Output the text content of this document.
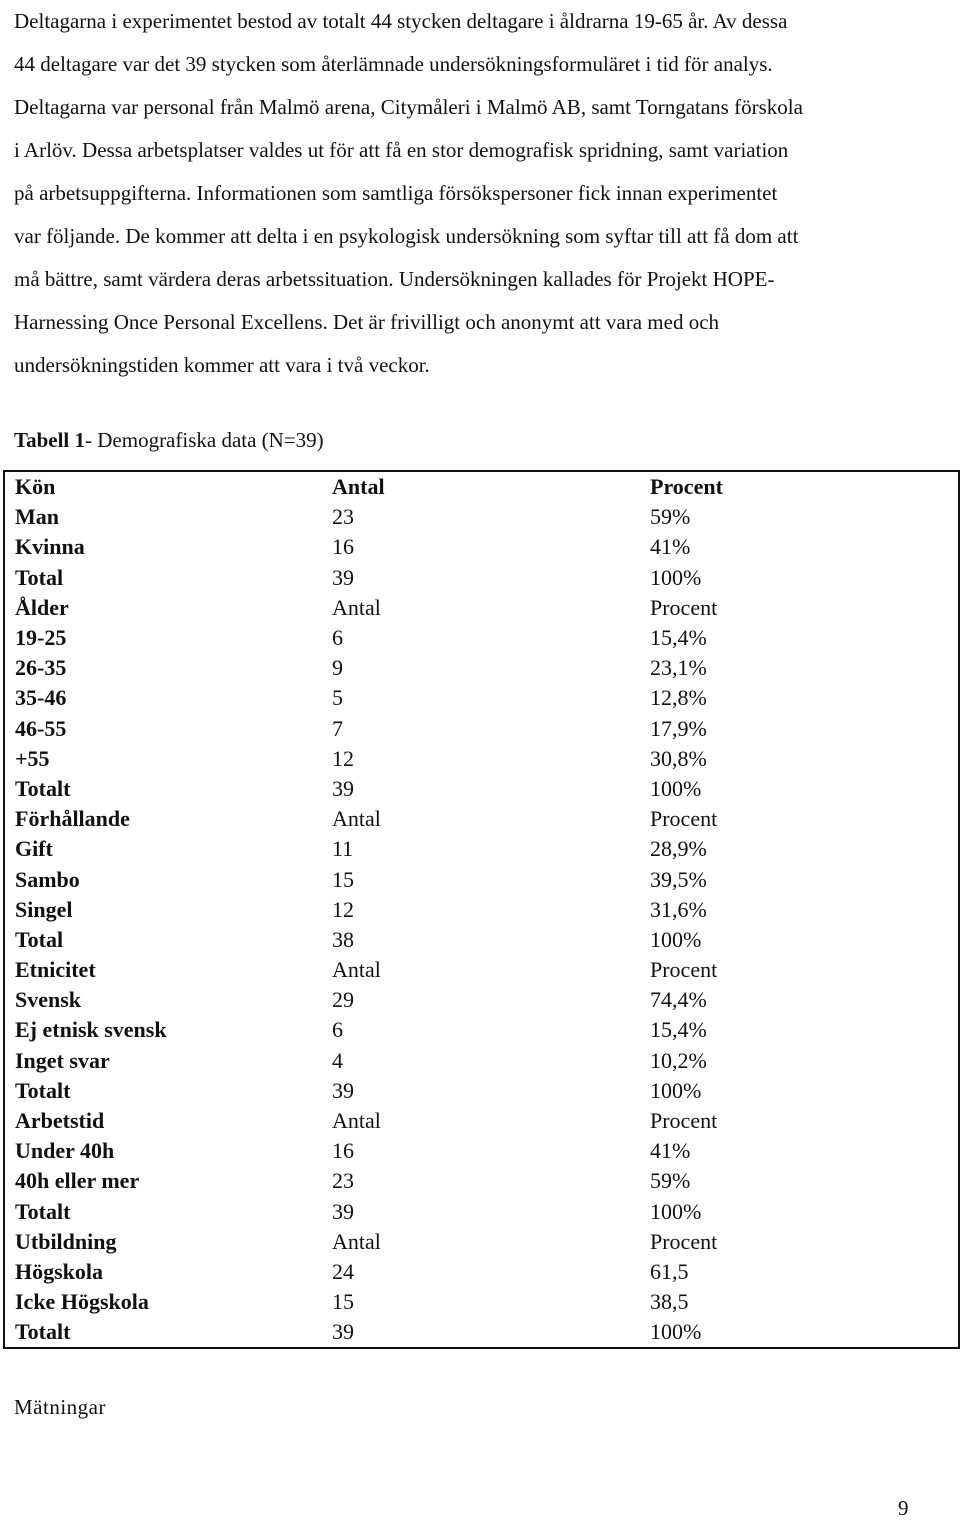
Deltagarna i experimentet bestod av totalt 44 stycken deltagare i åldrarna 19-65 år. Av dessa
44 deltagare var det 39 stycken som återlämnade undersökningsformuläret i tid för analys.
Deltagarna var personal från Malmö arena, Citymåleri i Malmö AB, samt Torngatans förskola
i Arlöv. Dessa arbetsplatser valdes ut för att få en stor demografisk spridning, samt variation
på arbetsuppgifterna. Informationen som samtliga försökspersoner fick innan experimentet
var följande. De kommer att delta i en psykologisk undersökning som syftar till att få dom att
må bättre, samt värdera deras arbetssituation. Undersökningen kallades för Projekt HOPE-
Harnessing Once Personal Excellens. Det är frivilligt och anonymt att vara med och
undersökningstiden kommer att vara i två veckor.
Tabell 1- Demografiska data (N=39)
Kön	Antal	Procent
Man	23	59%
Kvinna	16	41%
Total	39	100%
Ålder	Antal	Procent
19-25	6	15,4%
26-35	9	23,1%
35-46	5	12,8%
46-55	7	17,9%
+55	12	30,8%
Totalt	39	100%
Förhållande	Antal	Procent
Gift	11	28,9%
Sambo	15	39,5%
Singel	12	31,6%
Total	38	100%
Etnicitet	Antal	Procent
Svensk	29	74,4%
Ej etnisk svensk	6	15,4%
Inget svar	4	10,2%
Totalt	39	100%
Arbetstid	Antal	Procent
Under 40h	16	41%
40h eller mer	23	59%
Totalt	39	100%
Utbildning	Antal	Procent
Högskola	24	61,5
Icke Högskola	15	38,5
Totalt	39	100%
Mätningar
9
